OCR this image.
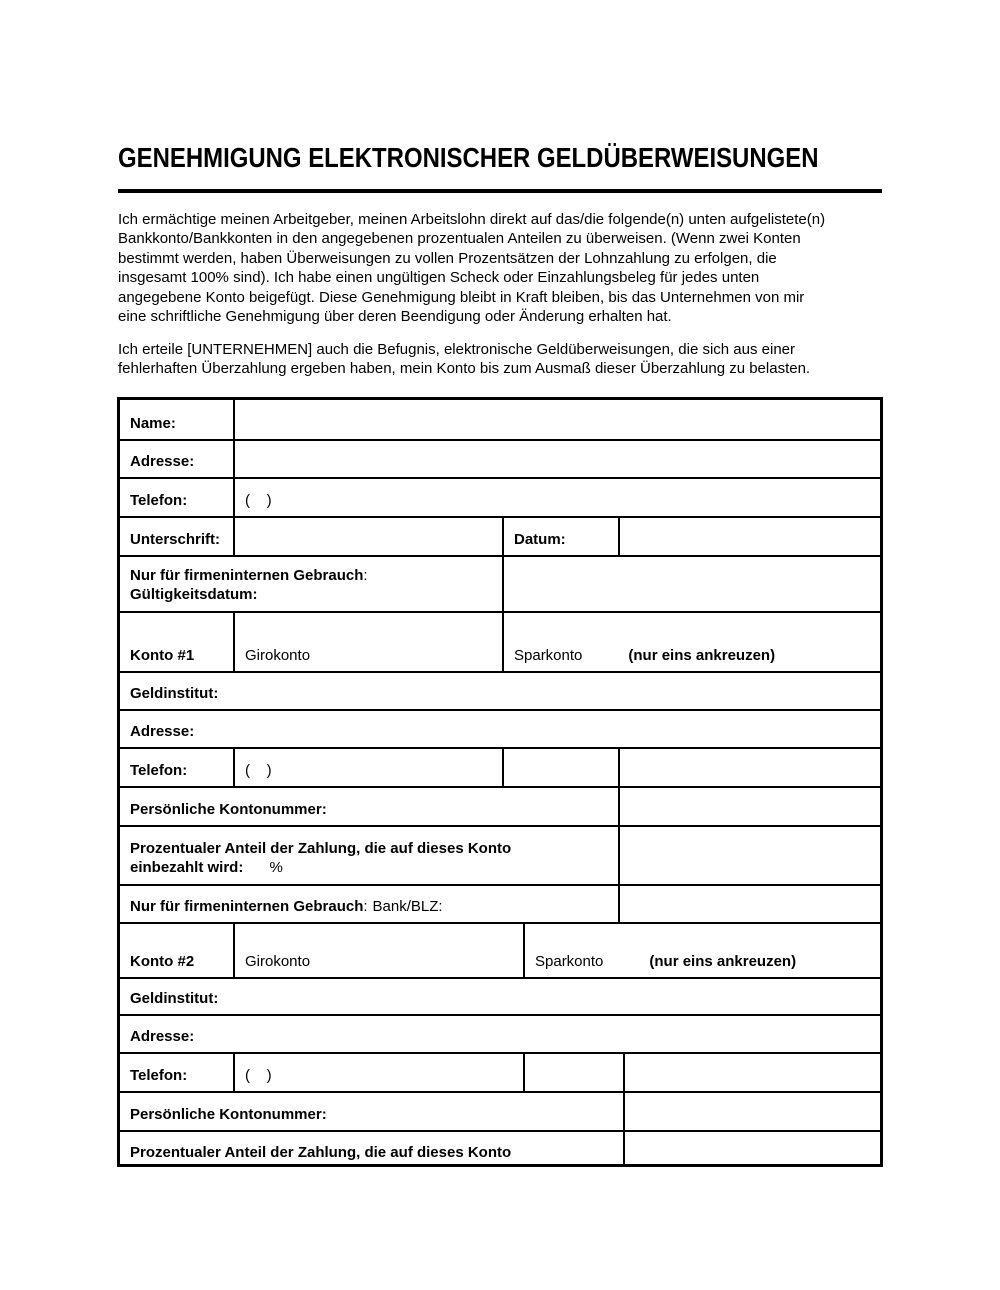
GENEHMIGUNG ELEKTRONISCHER GELDÜBERWEISUNGEN
Ich ermächtige meinen Arbeitgeber, meinen Arbeitslohn direkt auf das/die folgende(n) unten aufgelistete(n)
Bankkonto/Bankkonten in den angegebenen prozentualen Anteilen zu überweisen. (Wenn zwei Konten
bestimmt werden, haben Überweisungen zu vollen Prozentsätzen der Lohnzahlung zu erfolgen, die
insgesamt 100% sind). Ich habe einen ungültigen Scheck oder Einzahlungsbeleg für jedes unten
angegebene Konto beigefügt. Diese Genehmigung bleibt in Kraft bleiben, bis das Unternehmen von mir
eine schriftliche Genehmigung über deren Beendigung oder Änderung erhalten hat.
Ich erteile [UNTERNEHMEN] auch die Befugnis, elektronische Geldüberweisungen, die sich aus einer
fehlerhaften Überzahlung ergeben haben, mein Konto bis zum Ausmaß dieser Überzahlung zu belasten.
Name:
Adresse:
Telefon:	(    )
Unterschrift:	Datum:
Nur für firmeninternen Gebrauch:
Gültigkeitsdatum:
Konto #1	Girokonto	Sparkonto	(nur eins ankreuzen)
Geldinstitut:
Adresse:
Telefon:	(    )
Persönliche Kontonummer:
Prozentualer Anteil der Zahlung, die auf dieses Konto
einbezahlt wird: %
Nur für firmeninternen Gebrauch : Bank/BLZ:
Konto #2	Girokonto	Sparkonto	(nur eins ankreuzen)
Geldinstitut:
Adresse:
Telefon:	(    )
Persönliche Kontonummer:
Prozentualer Anteil der Zahlung, die auf dieses Konto
